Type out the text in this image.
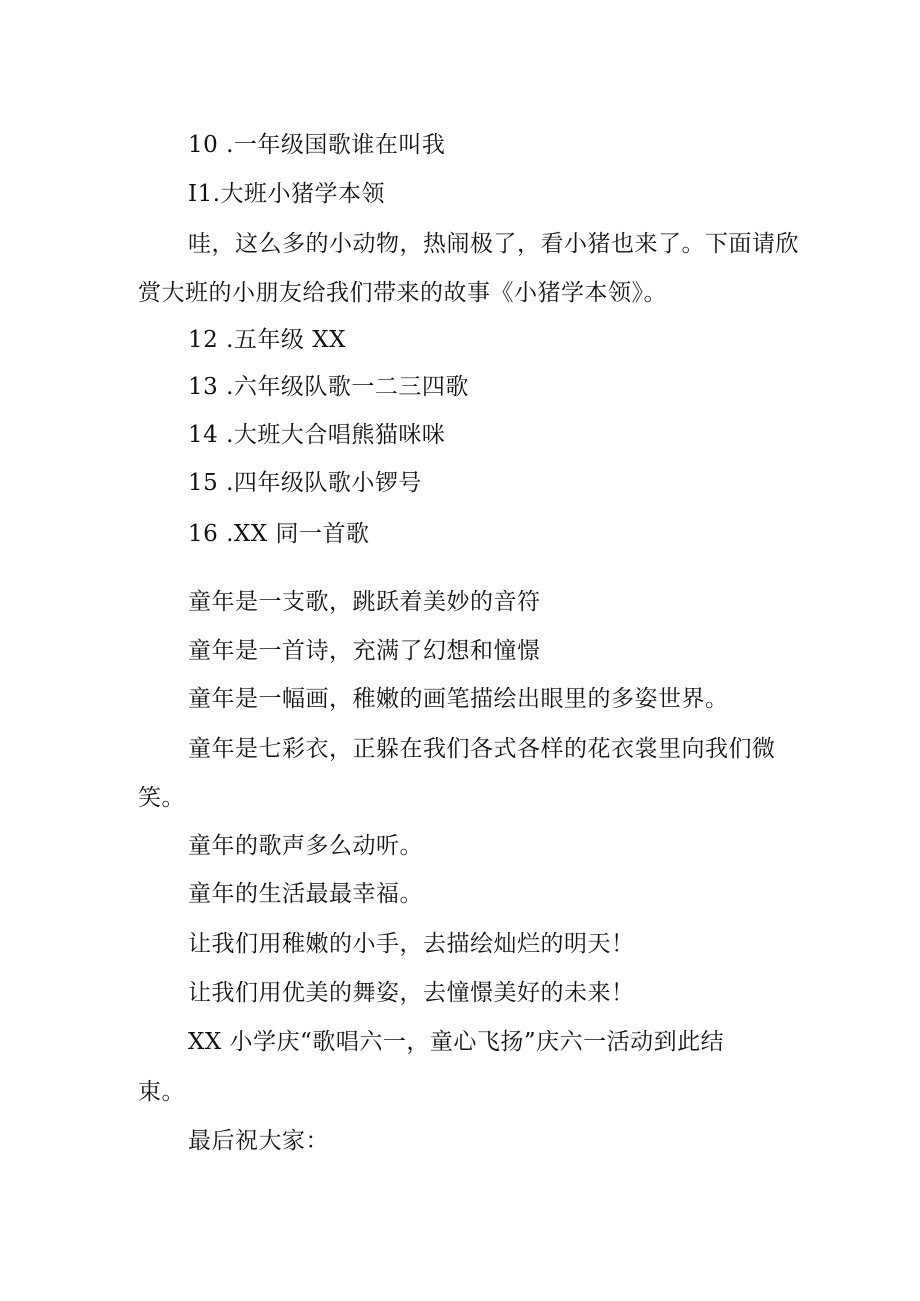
10 .一年级国歌谁在叫我
I1.大班小猪学本领
哇，这么多的小动物，热闹极了，看小猪也来了。下面请欣
赏大班的小朋友给我们带来的故事《小猪学本领》。
12 .五年级 XX
13 .六年级队歌一二三四歌
14 .大班大合唱熊猫咪咪
15 .四年级队歌小锣号
16 .XX 同一首歌
童年是一支歌，跳跃着美妙的音符
童年是一首诗，充满了幻想和憧憬
童年是一幅画，稚嫩的画笔描绘出眼里的多姿世界。
童年是七彩衣，正躲在我们各式各样的花衣裳里向我们微
笑。
童年的歌声多么动听。
童年的生活最最幸福。
让我们用稚嫩的小手，去描绘灿烂的明天！
让我们用优美的舞姿，去憧憬美好的未来！
XX 小学庆“歌唱六一，童心飞扬”庆六一活动到此结
束。
最后祝大家：
